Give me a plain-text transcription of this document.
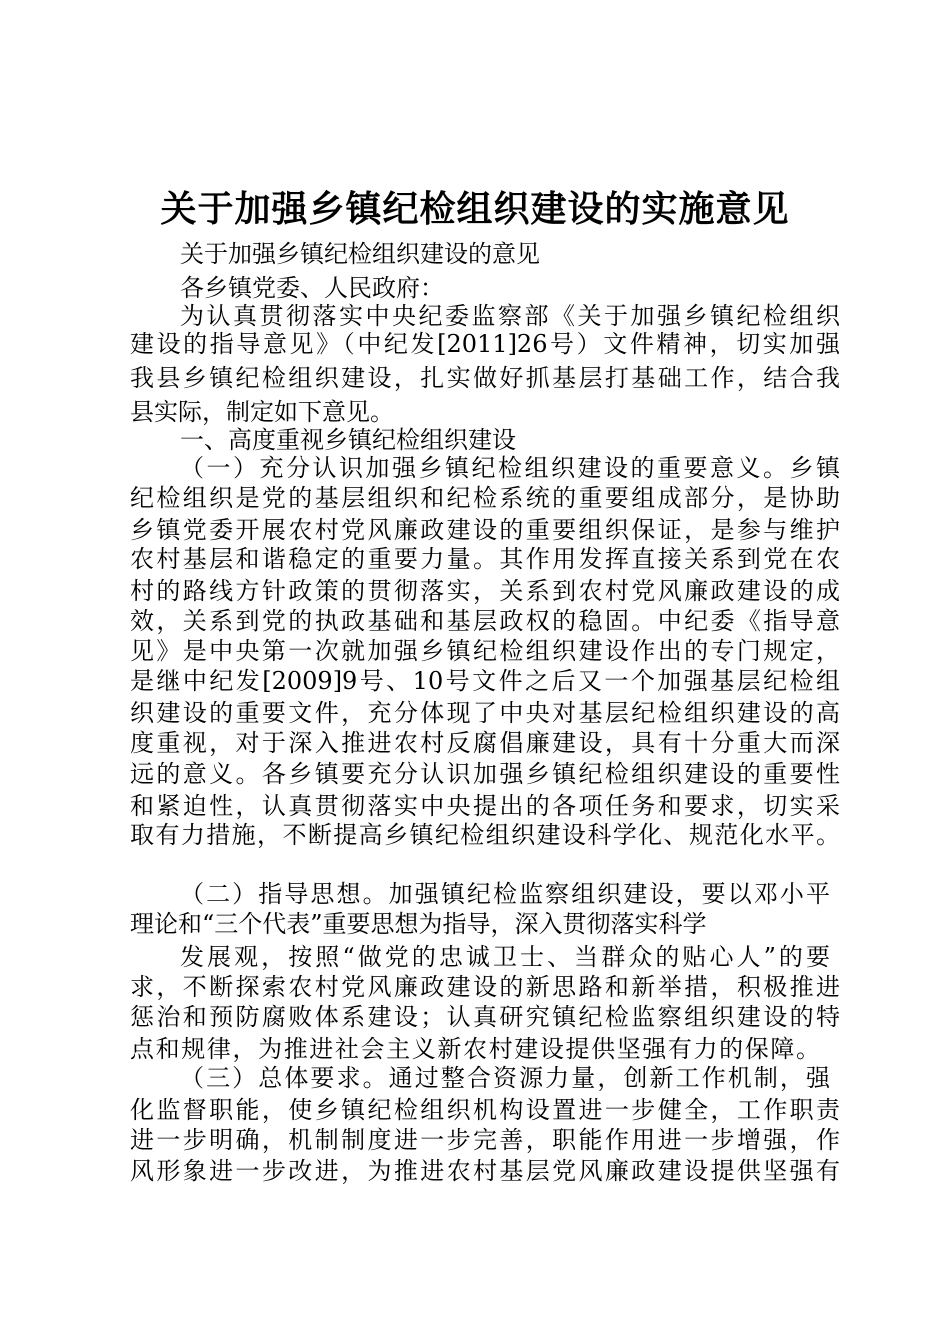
关于加强乡镇纪检组织建设的实施意见

关于加强乡镇纪检组织建设的意见

各乡镇党委、人民政府：

为认真贯彻落实中央纪委监察部《关于加强乡镇纪检组织

建设的指导意见》（中纪发[2011]26号）文件精神，切实加强

我县乡镇纪检组织建设，扎实做好抓基层打基础工作，结合我

县实际，制定如下意见。

一、高度重视乡镇纪检组织建设

（一）充分认识加强乡镇纪检组织建设的重要意义。乡镇

纪检组织是党的基层组织和纪检系统的重要组成部分，是协助

乡镇党委开展农村党风廉政建设的重要组织保证，是参与维护

农村基层和谐稳定的重要力量。其作用发挥直接关系到党在农

村的路线方针政策的贯彻落实，关系到农村党风廉政建设的成

效，关系到党的执政基础和基层政权的稳固。中纪委《指导意

见》是中央第一次就加强乡镇纪检组织建设作出的专门规定，

是继中纪发[2009]9号、10号文件之后又一个加强基层纪检组

织建设的重要文件，充分体现了中央对基层纪检组织建设的高

度重视，对于深入推进农村反腐倡廉建设，具有十分重大而深

远的意义。各乡镇要充分认识加强乡镇纪检组织建设的重要性

和紧迫性，认真贯彻落实中央提出的各项任务和要求，切实采

取有力措施，不断提高乡镇纪检组织建设科学化、规范化水平。

（二）指导思想。加强镇纪检监察组织建设，要以邓小平

理论和“三个代表”重要思想为指导，深入贯彻落实科学

发展观，按照“做党的忠诚卫士、当群众的贴心人”的要

求，不断探索农村党风廉政建设的新思路和新举措，积极推进

惩治和预防腐败体系建设；认真研究镇纪检监察组织建设的特

点和规律，为推进社会主义新农村建设提供坚强有力的保障。

（三）总体要求。通过整合资源力量，创新工作机制，强

化监督职能，使乡镇纪检组织机构设置进一步健全，工作职责

进一步明确，机制制度进一步完善，职能作用进一步增强，作

风形象进一步改进，为推进农村基层党风廉政建设提供坚强有
